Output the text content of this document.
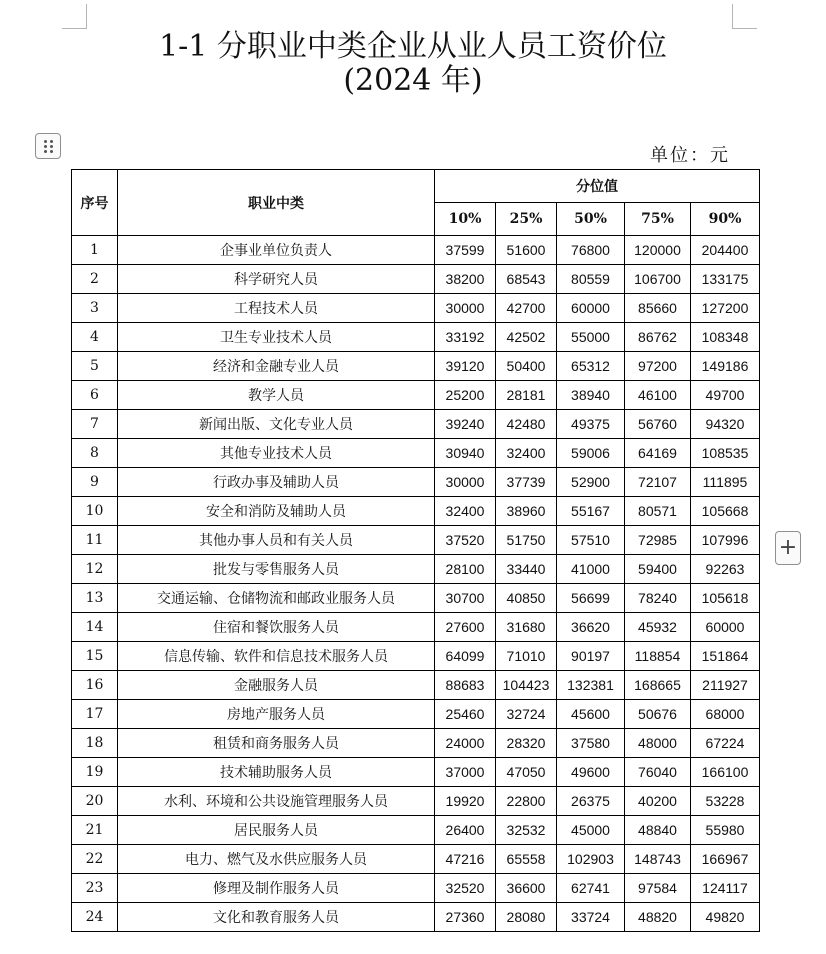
1-1 分职业中类企业从业人员工资价位
(2024 年)
单位：元
+
序号	职业中类	分位值				
		10%	25%	50%	75%	90%
1	企事业单位负责人	37599	51600	76800	120000	204400
2	科学研究人员	38200	68543	80559	106700	133175
3	工程技术人员	30000	42700	60000	85660	127200
4	卫生专业技术人员	33192	42502	55000	86762	108348
5	经济和金融专业人员	39120	50400	65312	97200	149186
6	教学人员	25200	28181	38940	46100	49700
7	新闻出版、文化专业人员	39240	42480	49375	56760	94320
8	其他专业技术人员	30940	32400	59006	64169	108535
9	行政办事及辅助人员	30000	37739	52900	72107	111895
10	安全和消防及辅助人员	32400	38960	55167	80571	105668
11	其他办事人员和有关人员	37520	51750	57510	72985	107996
12	批发与零售服务人员	28100	33440	41000	59400	92263
13	交通运输、仓储物流和邮政业服务人员	30700	40850	56699	78240	105618
14	住宿和餐饮服务人员	27600	31680	36620	45932	60000
15	信息传输、软件和信息技术服务人员	64099	71010	90197	118854	151864
16	金融服务人员	88683	104423	132381	168665	211927
17	房地产服务人员	25460	32724	45600	50676	68000
18	租赁和商务服务人员	24000	28320	37580	48000	67224
19	技术辅助服务人员	37000	47050	49600	76040	166100
20	水利、环境和公共设施管理服务人员	19920	22800	26375	40200	53228
21	居民服务人员	26400	32532	45000	48840	55980
22	电力、燃气及水供应服务人员	47216	65558	102903	148743	166967
23	修理及制作服务人员	32520	36600	62741	97584	124117
24	文化和教育服务人员	27360	28080	33724	48820	49820
